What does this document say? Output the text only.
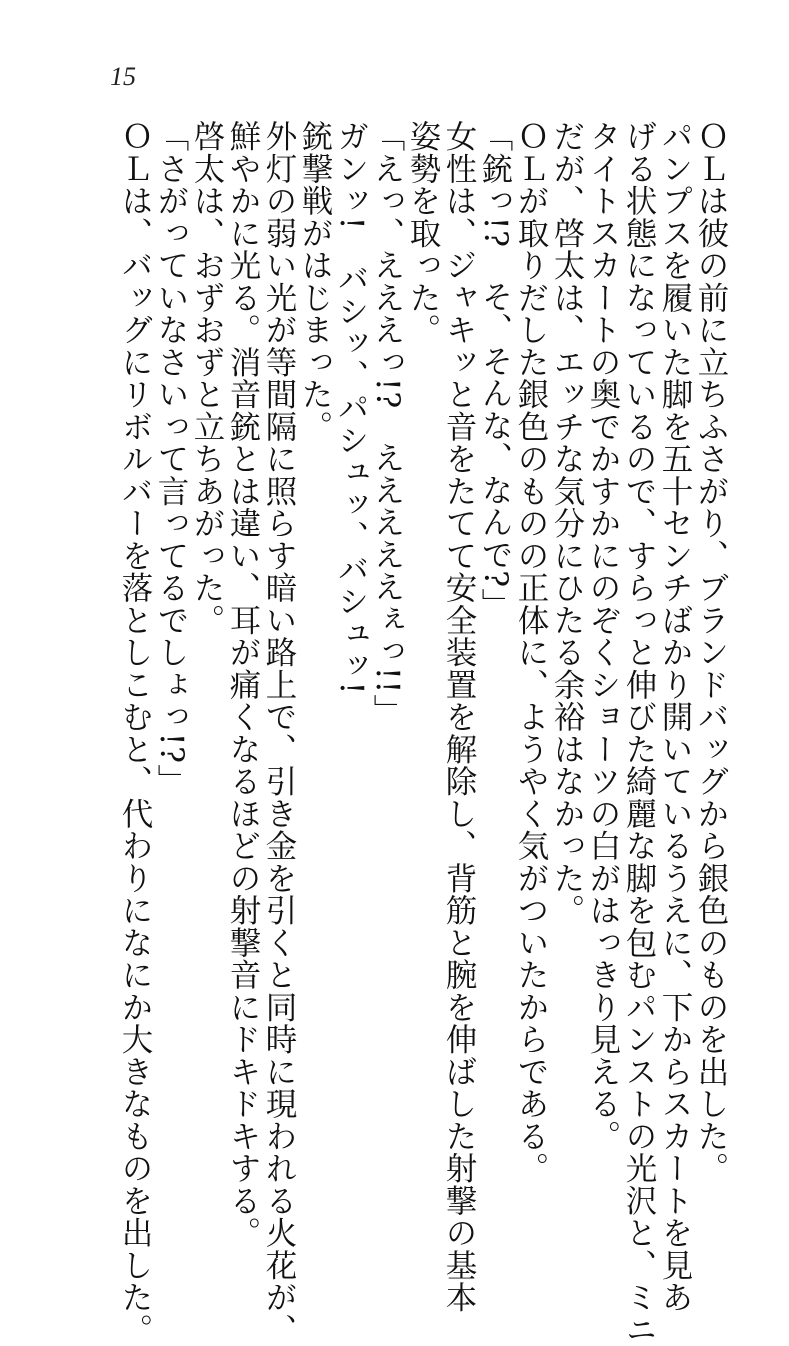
15
ＯＬは彼の前に立ちふさがり、ブランドバッグから銀色のものを出した。
パンプスを履いた脚を五十センチばかり開いているうえに、下からスカートを見あ
げる状態になっているので、すらっと伸びた綺麗な脚を包むパンストの光沢と、ミニ
タイトスカートの奥でかすかにのぞくショーツの白がはっきり見える。
だが、啓太は、エッチな気分にひたる余裕はなかった。
ＯＬが取りだした銀色のものの正体に、ようやく気がついたからである。
「銃っ!?　そ、そんな、なんで?」
女性は、ジャキッと音をたてて安全装置を解除し、背筋と腕を伸ばした射撃の基本
姿勢を取った。
「えっ、えええっ!?　えええええぇっ!!」
ガンッ!　バシッ、パシュッ、バシュッ!
銃撃戦がはじまった。
外灯の弱い光が等間隔に照らす暗い路上で、引き金を引くと同時に現われる火花が、
鮮やかに光る。消音銃とは違い、耳が痛くなるほどの射撃音にドキドキする。
啓太は、おずおずと立ちあがった。
「さがっていなさいって言ってるでしょっ!?」
ＯＬは、バッグにリボルバーを落としこむと、代わりになにか大きなものを出した。
